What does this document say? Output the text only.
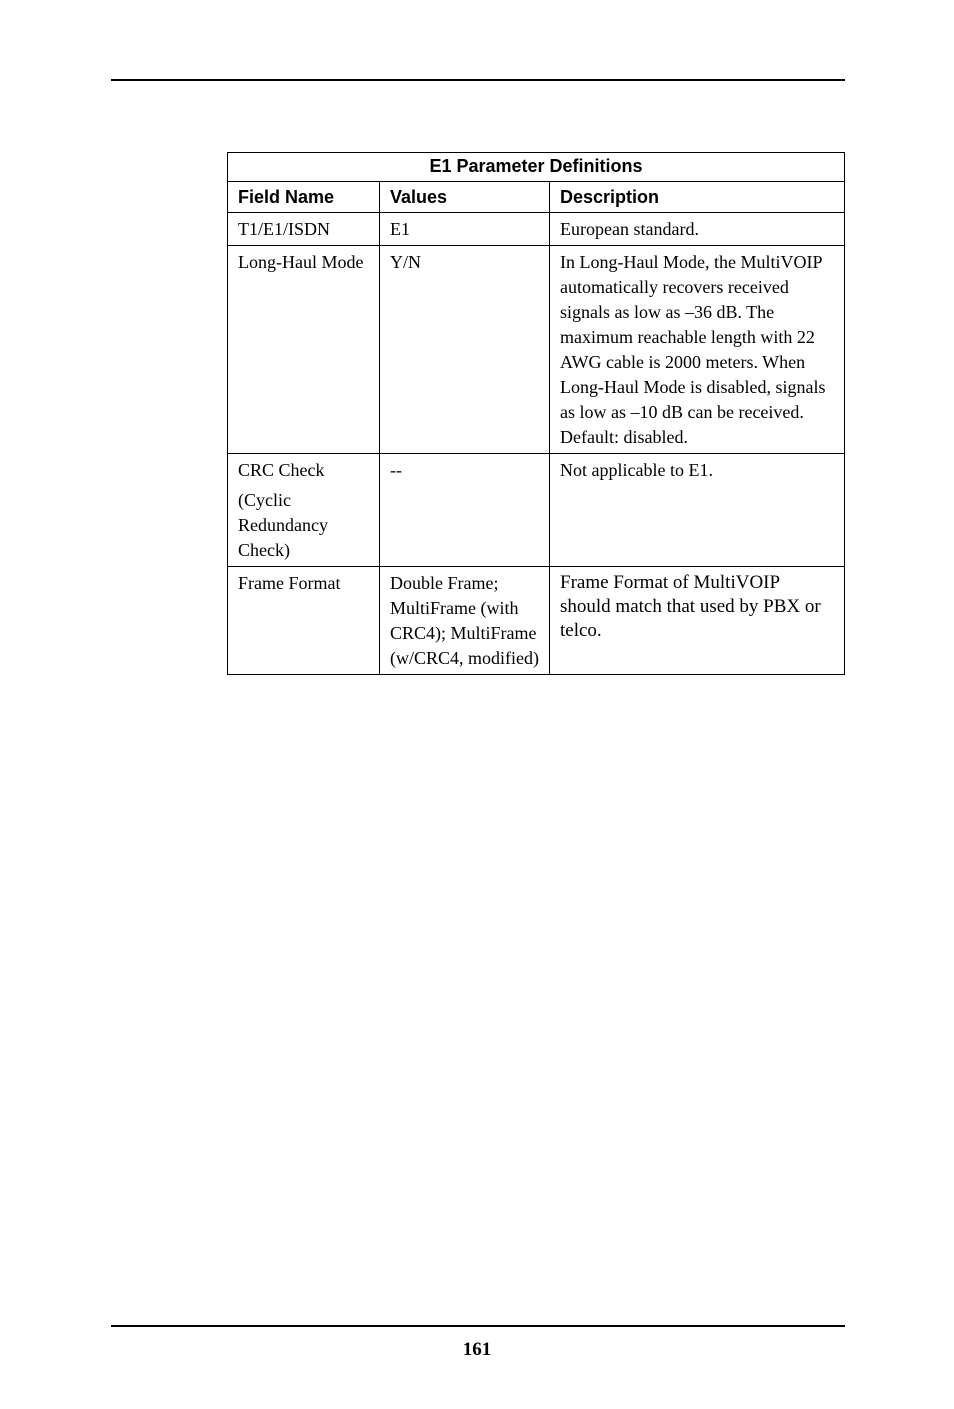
E1 Parameter Definitions		
Field Name	Values	Description

T1/E1/ISDN	E1	European standard.

Long-Haul Mode	Y/N	In Long-Haul Mode, the MultiVOIP automatically recovers received signals as low as –36 dB. The maximum reachable length with 22 AWG cable is 2000 meters. When Long-Haul Mode is disabled, signals as low as –10 dB can be received.
Default: disabled.

CRC Check
(Cyclic Redundancy Check)	--	Not applicable to E1.

Frame Format	Double Frame; MultiFrame (with CRC4); MultiFrame (w/CRC4, modified)	Frame Format of MultiVOIP should match that used by PBX or telco.
161
